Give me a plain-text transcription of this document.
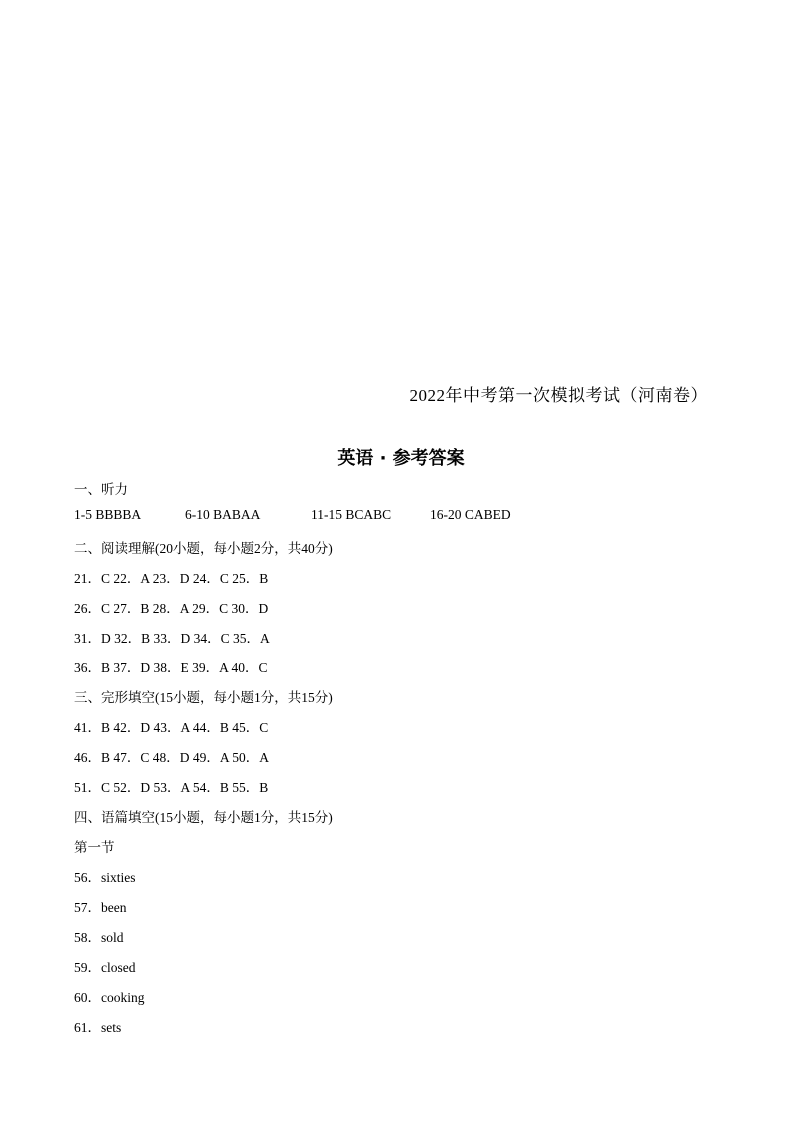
2022年中考第一次模拟考试（河南卷）
英语 · 参考答案
一、听力
1-5 BBBBA	6-10 BABAA	11-15 BCABC	16-20 CABED
二、阅读理解(20小题，每小题2分，共40分)
21．C 22．A 23．D 24．C 25．B
26．C 27．B 28．A 29．C 30．D
31．D 32．B 33．D 34．C 35．A
36．B 37．D 38．E 39．A 40．C
三、完形填空(15小题，每小题1分，共15分)
41．B 42．D 43．A 44．B 45．C
46．B 47．C 48．D 49．A 50．A
51．C 52．D 53．A 54．B 55．B
四、语篇填空(15小题，每小题1分，共15分)
第一节
56．sixties
57．been
58．sold
59．closed
60．cooking
61．sets
